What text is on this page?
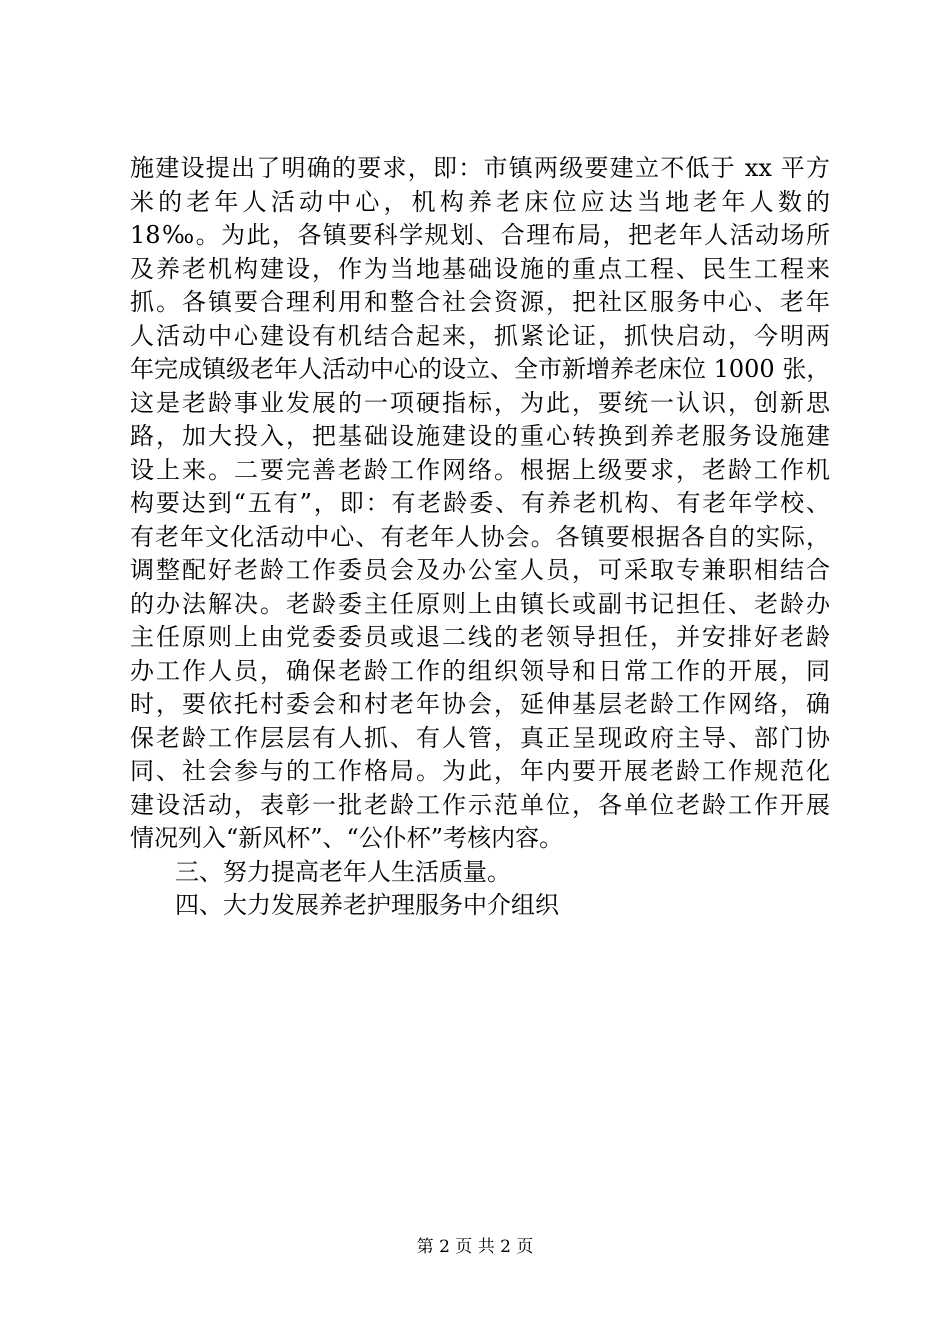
施建设提出了明确的要求，即：市镇两级要建立不低于 xx 平方
米的老年人活动中心，机构养老床位应达当地老年人数的
18‰。为此，各镇要科学规划、合理布局，把老年人活动场所
及养老机构建设，作为当地基础设施的重点工程、民生工程来
抓。各镇要合理利用和整合社会资源，把社区服务中心、老年
人活动中心建设有机结合起来，抓紧论证，抓快启动，今明两
年完成镇级老年人活动中心的设立、全市新增养老床位 1000 张，
这是老龄事业发展的一项硬指标，为此，要统一认识，创新思
路，加大投入，把基础设施建设的重心转换到养老服务设施建
设上来。二要完善老龄工作网络。根据上级要求，老龄工作机
构要达到“五有”，即：有老龄委、有养老机构、有老年学校、
有老年文化活动中心、有老年人协会。各镇要根据各自的实际，
调整配好老龄工作委员会及办公室人员，可采取专兼职相结合
的办法解决。老龄委主任原则上由镇长或副书记担任、老龄办
主任原则上由党委委员或退二线的老领导担任，并安排好老龄
办工作人员，确保老龄工作的组织领导和日常工作的开展，同
时，要依托村委会和村老年协会，延伸基层老龄工作网络，确
保老龄工作层层有人抓、有人管，真正呈现政府主导、部门协
同、社会参与的工作格局。为此，年内要开展老龄工作规范化
建设活动，表彰一批老龄工作示范单位，各单位老龄工作开展
情况列入“新风杯”、“公仆杯”考核内容。
三、努力提高老年人生活质量。
四、大力发展养老护理服务中介组织
第 2 页 共 2 页
